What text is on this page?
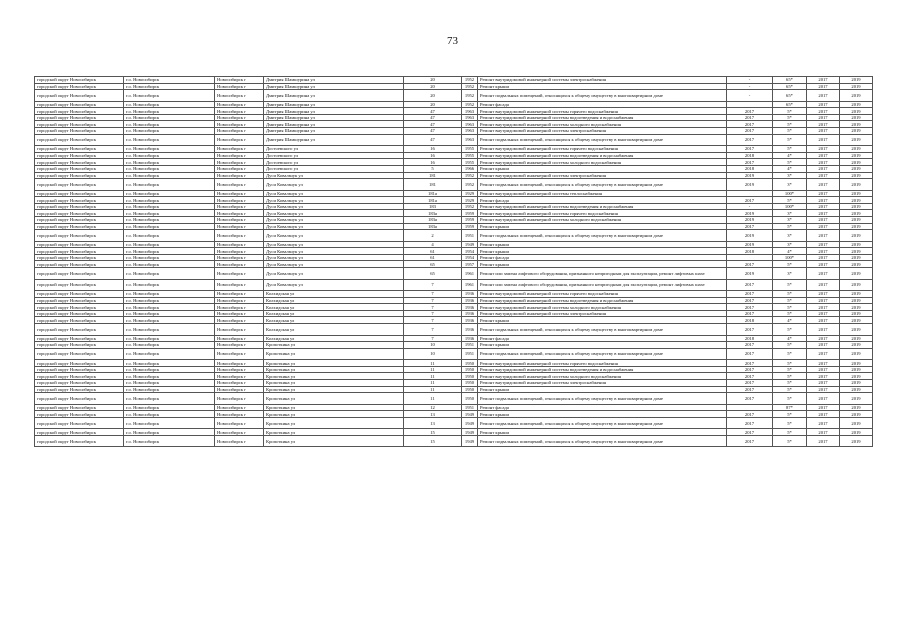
73
городской округ Новосибирск	г.о. Новосибирск	Новосибирск г	Дмитрия Шамшурина ул	20	1952	Ремонт внутридомовой инженерной системы электроснабжения	-	65*	2017	2019
городской округ Новосибирск	г.о. Новосибирск	Новосибирск г	Дмитрия Шамшурина ул	20	1952	Ремонт крыши	-	65*	2017	2019
городской округ Новосибирск	г.о. Новосибирск	Новосибирск г	Дмитрия Шамшурина ул	20	1952	Ремонт подвальных помещений, относящихся к общему имуществу в многоквартирном доме	-	65*	2017	2019
городской округ Новосибирск	г.о. Новосибирск	Новосибирск г	Дмитрия Шамшурина ул	20	1952	Ремонт фасада		65*	2017	2019
городской округ Новосибирск	г.о. Новосибирск	Новосибирск г	Дмитрия Шамшурина ул	47	1963	Ремонт внутридомовой инженерной системы горячего водоснабжения	2017	5*	2017	2019
городской округ Новосибирск	г.о. Новосибирск	Новосибирск г	Дмитрия Шамшурина ул	47	1963	Ремонт внутридомовой инженерной системы водоотведения и водоснабжения	2017	5*	2017	2019
городской округ Новосибирск	г.о. Новосибирск	Новосибирск г	Дмитрия Шамшурина ул	47	1963	Ремонт внутридомовой инженерной системы холодного водоснабжения	2017	5*	2017	2019
городской округ Новосибирск	г.о. Новосибирск	Новосибирск г	Дмитрия Шамшурина ул	47	1963	Ремонт внутридомовой инженерной системы электроснабжения	2017	5*	2017	2019
городской округ Новосибирск	г.о. Новосибирск	Новосибирск г	Дмитрия Шамшурина ул	47	1963	Ремонт подвальных помещений, относящихся к общему имуществу в многоквартирном доме	2017	5*	2017	2019
городской округ Новосибирск	г.о. Новосибирск	Новосибирск г	Достоевского ул	16	1955	Ремонт внутридомовой инженерной системы горячего водоснабжения	2017	5*	2017	2019
городской округ Новосибирск	г.о. Новосибирск	Новосибирск г	Достоевского ул	16	1955	Ремонт внутридомовой инженерной системы водоотведения и водоснабжения	2018	4*	2017	2019
городской округ Новосибирск	г.о. Новосибирск	Новосибирск г	Достоевского ул	16	1955	Ремонт внутридомовой инженерной системы холодного водоснабжения	2017	5*	2017	2019
городской округ Новосибирск	г.о. Новосибирск	Новосибирск г	Достоевского ул	5	1966	Ремонт крыши	2018	4*	2017	2019
городской округ Новосибирск	г.о. Новосибирск	Новосибирск г	Дуси Ковальчук ул	181	1952	Ремонт внутридомовой инженерной системы электроснабжения	2019	3*	2017	2019
городской округ Новосибирск	г.о. Новосибирск	Новосибирск г	Дуси Ковальчук ул	181	1952	Ремонт подвальных помещений, относящихся к общему имуществу в многоквартирном доме	2019	3*	2017	2019
городской округ Новосибирск	г.о. Новосибирск	Новосибирск г	Дуси Ковальчук ул	181а	1929	Ремонт внутридомовой инженерной системы теплоснабжения		100*	2017	2019
городской округ Новосибирск	г.о. Новосибирск	Новосибирск г	Дуси Ковальчук ул	181а	1929	Ремонт фасада	2017	5*	2017	2019
городской округ Новосибирск	г.о. Новосибирск	Новосибирск г	Дуси Ковальчук ул	183	1952	Ремонт внутридомовой инженерной системы водоотведения и водоснабжения	-	100*	2017	2019
городской округ Новосибирск	г.о. Новосибирск	Новосибирск г	Дуси Ковальчук ул	183а	1959	Ремонт внутридомовой инженерной системы горячего водоснабжения	2019	3*	2017	2019
городской округ Новосибирск	г.о. Новосибирск	Новосибирск г	Дуси Ковальчук ул	183а	1959	Ремонт внутридомовой инженерной системы холодного водоснабжения	2019	3*	2017	2019
городской округ Новосибирск	г.о. Новосибирск	Новосибирск г	Дуси Ковальчук ул	183а	1959	Ремонт крыши	2017	5*	2017	2019
городской округ Новосибирск	г.о. Новосибирск	Новосибирск г	Дуси Ковальчук ул	2	1951	Ремонт подвальных помещений, относящихся к общему имуществу в многоквартирном доме	2019	3*	2017	2019
городской округ Новосибирск	г.о. Новосибирск	Новосибирск г	Дуси Ковальчук ул	4	1949	Ремонт крыши	2019	3*	2017	2019
городской округ Новосибирск	г.о. Новосибирск	Новосибирск г	Дуси Ковальчук ул	61	1954	Ремонт крыши	2018	4*	2017	2019
городской округ Новосибирск	г.о. Новосибирск	Новосибирск г	Дуси Ковальчук ул	61	1954	Ремонт фасада		100*	2017	2019
городской округ Новосибирск	г.о. Новосибирск	Новосибирск г	Дуси Ковальчук ул	65	1957	Ремонт крыши	2017	5*	2017	2019
городской округ Новосибирск	г.о. Новосибирск	Новосибирск г	Дуси Ковальчук ул	65	1961	Ремонт или замена лифтового оборудования, признанного непригодным для эксплуатации, ремонт лифтовых шахт	2019	3*	2017	2019
городской округ Новосибирск	г.о. Новосибирск	Новосибирск г	Дуси Ковальчук ул	7	1961	Ремонт или замена лифтового оборудования, признанного непригодным для эксплуатации, ремонт лифтовых шахт	2017	5*	2017	2019
городской округ Новосибирск	г.о. Новосибирск	Новосибирск г	Колхидская ул	7	1936	Ремонт внутридомовой инженерной системы горячего водоснабжения	2017	5*	2017	2019
городской округ Новосибирск	г.о. Новосибирск	Новосибирск г	Колхидская ул	7	1936	Ремонт внутридомовой инженерной системы водоотведения и водоснабжения	2017	5*	2017	2019
городской округ Новосибирск	г.о. Новосибирск	Новосибирск г	Колхидская ул	7	1936	Ремонт внутридомовой инженерной системы холодного водоснабжения	2017	5*	2017	2019
городской округ Новосибирск	г.о. Новосибирск	Новосибирск г	Колхидская ул	7	1936	Ремонт внутридомовой инженерной системы электроснабжения	2017	5*	2017	2019
городской округ Новосибирск	г.о. Новосибирск	Новосибирск г	Колхидская ул	7	1936	Ремонт крыши	2018	4*	2017	2019
городской округ Новосибирск	г.о. Новосибирск	Новосибирск г	Колхидская ул	7	1936	Ремонт подвальных помещений, относящихся к общему имуществу в многоквартирном доме	2017	5*	2017	2019
городской округ Новосибирск	г.о. Новосибирск	Новосибирск г	Колхидская ул	7	1936	Ремонт фасада	2018	4*	2017	2019
городской округ Новосибирск	г.о. Новосибирск	Новосибирск г	Кропоткина ул	10	1951	Ремонт крыши	2017	5*	2017	2019
городской округ Новосибирск	г.о. Новосибирск	Новосибирск г	Кропоткина ул	10	1951	Ремонт подвальных помещений, относящихся к общему имуществу в многоквартирном доме	2017	5*	2017	2019
городской округ Новосибирск	г.о. Новосибирск	Новосибирск г	Кропоткина ул	11	1950	Ремонт внутридомовой инженерной системы горячего водоснабжения	2017	5*	2017	2019
городской округ Новосибирск	г.о. Новосибирск	Новосибирск г	Кропоткина ул	11	1950	Ремонт внутридомовой инженерной системы водоотведения и водоснабжения	2017	5*	2017	2019
городской округ Новосибирск	г.о. Новосибирск	Новосибирск г	Кропоткина ул	11	1950	Ремонт внутридомовой инженерной системы холодного водоснабжения	2017	5*	2017	2019
городской округ Новосибирск	г.о. Новосибирск	Новосибирск г	Кропоткина ул	11	1950	Ремонт внутридомовой инженерной системы электроснабжения	2017	5*	2017	2019
городской округ Новосибирск	г.о. Новосибирск	Новосибирск г	Кропоткина ул	11	1950	Ремонт крыши	2017	5*	2017	2019
городской округ Новосибирск	г.о. Новосибирск	Новосибирск г	Кропоткина ул	11	1950	Ремонт подвальных помещений, относящихся к общему имуществу в многоквартирном доме	2017	5*	2017	2019
городской округ Новосибирск	г.о. Новосибирск	Новосибирск г	Кропоткина ул	12	1951	Ремонт фасада		87*	2017	2019
городской округ Новосибирск	г.о. Новосибирск	Новосибирск г	Кропоткина ул	13	1949	Ремонт крыши	2017	5*	2017	2019
городской округ Новосибирск	г.о. Новосибирск	Новосибирск г	Кропоткина ул	13	1949	Ремонт подвальных помещений, относящихся к общему имуществу в многоквартирном доме	2017	5*	2017	2019
городской округ Новосибирск	г.о. Новосибирск	Новосибирск г	Кропоткина ул	15	1949	Ремонт крыши	2017	5*	2017	2019
городской округ Новосибирск	г.о. Новосибирск	Новосибирск г	Кропоткина ул	15	1949	Ремонт подвальных помещений, относящихся к общему имуществу в многоквартирном доме	2017	5*	2017	2019
